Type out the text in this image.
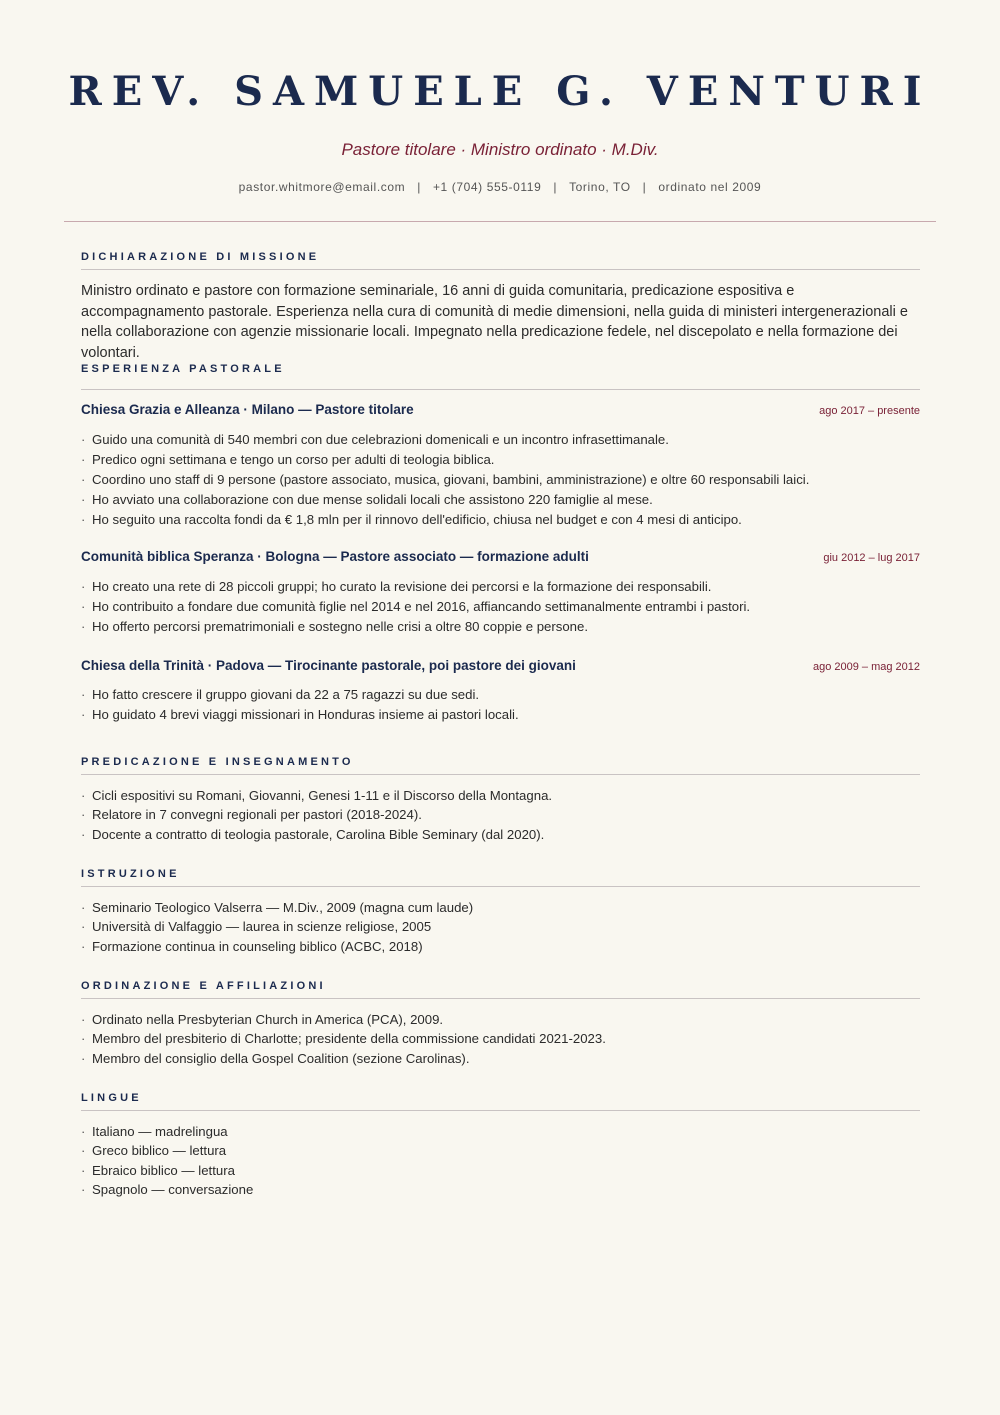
REV. SAMUELE G. VENTURI
Pastore titolare · Ministro ordinato · M.Div.
pastor.whitmore@email.com | +1 (704) 555-0119 | Torino, TO | ordinato nel 2009
DICHIARAZIONE DI MISSIONE
Ministro ordinato e pastore con formazione seminariale, 16 anni di guida comunitaria, predicazione espositiva e accompagnamento pastorale. Esperienza nella cura di comunità di medie dimensioni, nella guida di ministeri intergenerazionali e nella collaborazione con agenzie missionarie locali. Impegnato nella predicazione fedele, nel discepolato e nella formazione dei volontari.
ESPERIENZA PASTORALE
Chiesa Grazia e Alleanza · Milano — Pastore titolare	ago 2017 – presente
· Guido una comunità di 540 membri con due celebrazioni domenicali e un incontro infrasettimanale.
· Predico ogni settimana e tengo un corso per adulti di teologia biblica.
· Coordino uno staff di 9 persone (pastore associato, musica, giovani, bambini, amministrazione) e oltre 60 responsabili laici.
· Ho avviato una collaborazione con due mense solidali locali che assistono 220 famiglie al mese.
· Ho seguito una raccolta fondi da € 1,8 mln per il rinnovo dell'edificio, chiusa nel budget e con 4 mesi di anticipo.
Comunità biblica Speranza · Bologna — Pastore associato — formazione adulti	giu 2012 – lug 2017
· Ho creato una rete di 28 piccoli gruppi; ho curato la revisione dei percorsi e la formazione dei responsabili.
· Ho contribuito a fondare due comunità figlie nel 2014 e nel 2016, affiancando settimanalmente entrambi i pastori.
· Ho offerto percorsi prematrimoniali e sostegno nelle crisi a oltre 80 coppie e persone.
Chiesa della Trinità · Padova — Tirocinante pastorale, poi pastore dei giovani	ago 2009 – mag 2012
· Ho fatto crescere il gruppo giovani da 22 a 75 ragazzi su due sedi.
· Ho guidato 4 brevi viaggi missionari in Honduras insieme ai pastori locali.
PREDICAZIONE E INSEGNAMENTO
· Cicli espositivi su Romani, Giovanni, Genesi 1-11 e il Discorso della Montagna.
· Relatore in 7 convegni regionali per pastori (2018-2024).
· Docente a contratto di teologia pastorale, Carolina Bible Seminary (dal 2020).
ISTRUZIONE
· Seminario Teologico Valserra — M.Div., 2009 (magna cum laude)
· Università di Valfaggio — laurea in scienze religiose, 2005
· Formazione continua in counseling biblico (ACBC, 2018)
ORDINAZIONE E AFFILIAZIONI
· Ordinato nella Presbyterian Church in America (PCA), 2009.
· Membro del presbiterio di Charlotte; presidente della commissione candidati 2021-2023.
· Membro del consiglio della Gospel Coalition (sezione Carolinas).
LINGUE
· Italiano — madrelingua
· Greco biblico — lettura
· Ebraico biblico — lettura
· Spagnolo — conversazione
